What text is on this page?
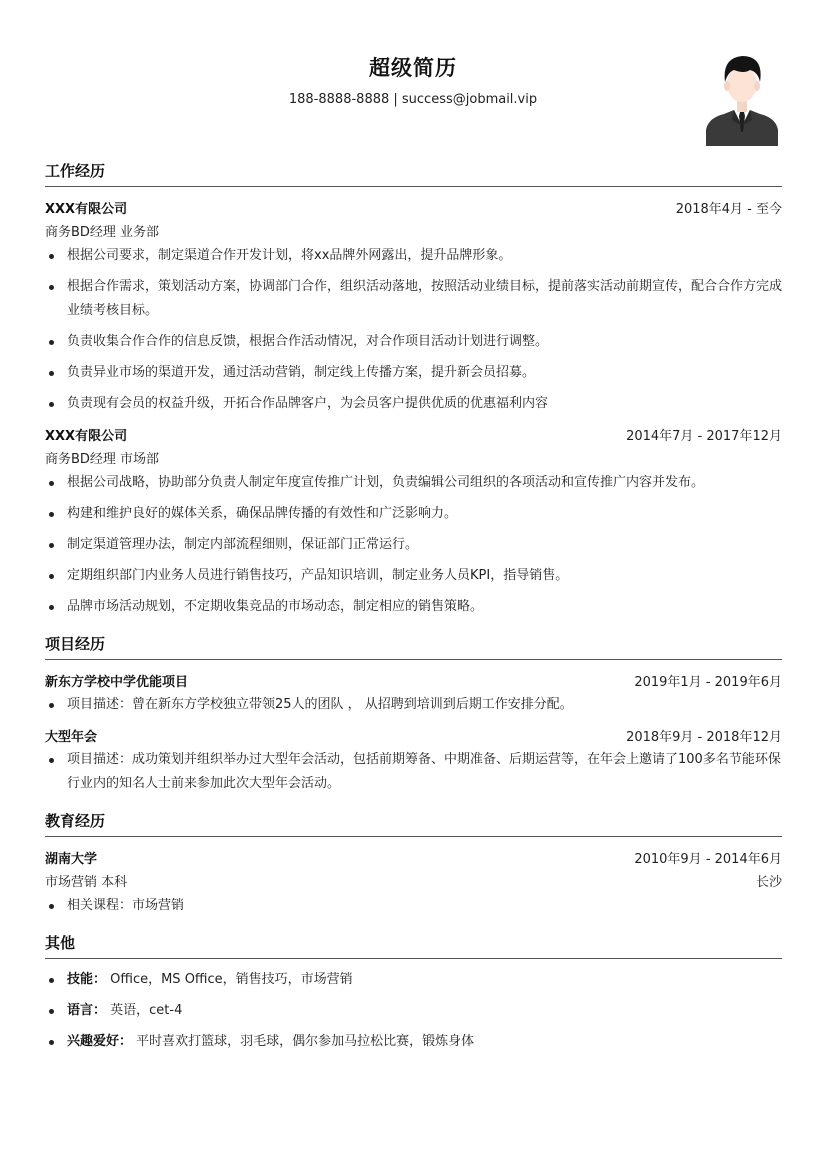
超级简历
188-8888-8888 | success@jobmail.vip
工作经历
XXX有限公司	2018年4月 - 至今
商务BD经理 业务部
根据公司要求，制定渠道合作开发计划，将xx品牌外网露出，提升品牌形象。
根据合作需求，策划活动方案，协调部门合作，组织活动落地，按照活动业绩目标，提前落实活动前期宣传，配合合作方完成业绩考核目标。
负责收集合作合作的信息反馈，根据合作活动情况，对合作项目活动计划进行调整。
负责异业市场的渠道开发，通过活动营销，制定线上传播方案，提升新会员招募。
负责现有会员的权益升级，开拓合作品牌客户，为会员客户提供优质的优惠福利内容
XXX有限公司	2014年7月 - 2017年12月
商务BD经理 市场部
根据公司战略，协助部分负责人制定年度宣传推广计划，负责编辑公司组织的各项活动和宣传推广内容并发布。
构建和维护良好的媒体关系，确保品牌传播的有效性和广泛影响力。
制定渠道管理办法，制定内部流程细则，保证部门正常运行。
定期组织部门内业务人员进行销售技巧，产品知识培训，制定业务人员KPI，指导销售。
品牌市场活动规划，不定期收集竞品的市场动态，制定相应的销售策略。
项目经历
新东方学校中学优能项目	2019年1月 - 2019年6月
项目描述：曾在新东方学校独立带领25人的团队 ， 从招聘到培训到后期工作安排分配。
大型年会	2018年9月 - 2018年12月
项目描述：成功策划并组织举办过大型年会活动，包括前期筹备、中期准备、后期运营等，在年会上邀请了100多名节能环保行业内的知名人士前来参加此次大型年会活动。
教育经历
湖南大学	2010年9月 - 2014年6月
市场营销 本科	长沙
相关课程：市场营销
其他
技能： Office，MS Office，销售技巧，市场营销
语言： 英语，cet-4
兴趣爱好： 平时喜欢打篮球，羽毛球，偶尔参加马拉松比赛，锻炼身体
